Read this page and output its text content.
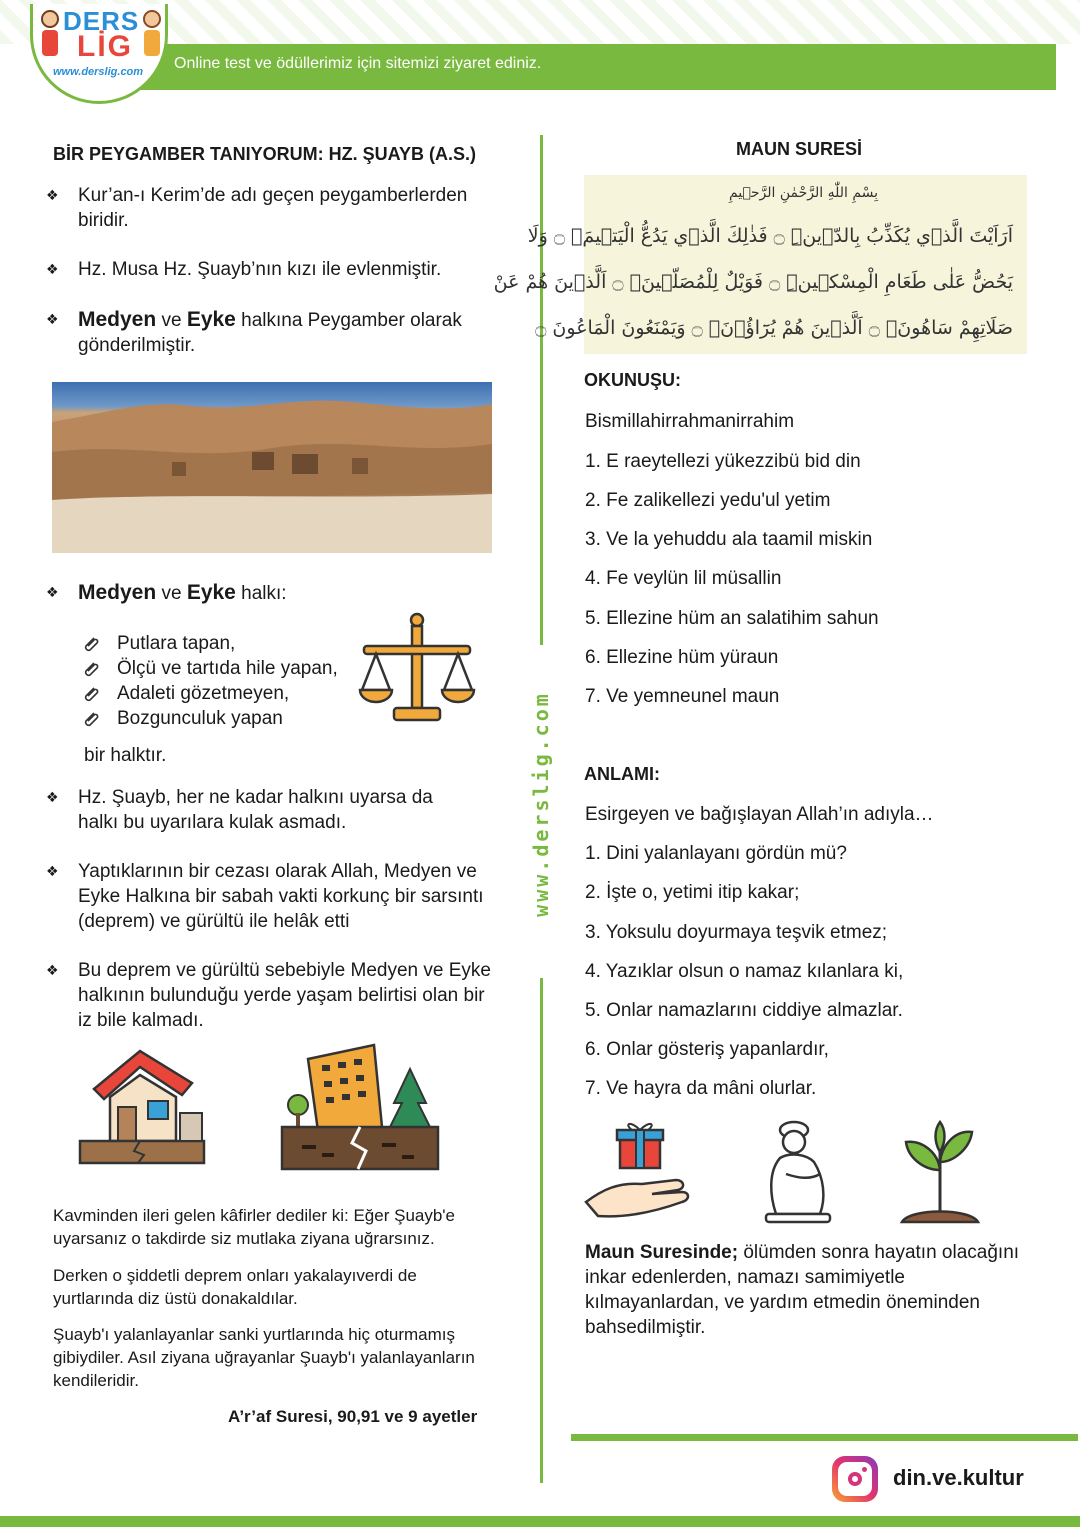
Online test ve ödüllerimiz için sitemizi ziyaret ediniz.
DERS
LİG
www.derslig.com
www.derslig.com
BİR PEYGAMBER TANIYORUM: HZ. ŞUAYB (A.S.)
❖ Kur’an-ı Kerim’de adı geçen peygamberlerden biridir.
❖ Hz. Musa Hz. Şuayb’nın kızı ile evlenmiştir.
❖ Medyen ve Eyke halkına Peygamber olarak gönderilmiştir.
❖ Medyen ve Eyke halkı:
Putlara tapan,
Ölçü ve tartıda hile yapan,
Adaleti gözetmeyen,
Bozgunculuk yapan
bir halktır.
❖ Hz. Şuayb, her ne kadar halkını uyarsa da halkı bu uyarılara kulak asmadı.
❖ Yaptıklarının bir cezası olarak Allah, Medyen ve Eyke Halkına bir sabah vakti korkunç bir sarsıntı (deprem) ve gürültü ile helâk etti
❖ Bu deprem ve gürültü sebebiyle Medyen ve Eyke halkının bulunduğu yerde yaşam belirtisi olan bir iz bile kalmadı.
Kavminden ileri gelen kâfirler dediler ki: Eğer Şuayb'e uyarsanız o takdirde siz mutlaka ziyana uğrarsınız.
Derken o şiddetli deprem onları yakalayıverdi de yurtlarında diz üstü donakaldılar.
Şuayb'ı yalanlayanlar sanki yurtlarında hiç oturmamış gibiydiler. Asıl ziyana uğrayanlar Şuayb'ı yalanlayanların kendileridir.
A’r’af Suresi, 90,91 ve 9 ayetler
MAUN SURESİ
بِسْمِ اللّٰهِ الرَّحْمٰنِ الرَّح۪يمِ
اَرَاَيْتَ الَّذ۪ي يُكَذِّبُ بِالدّ۪ينِۜ ۝ فَذٰلِكَ الَّذ۪ي يَدُعُّ الْيَت۪يمَۙ ۝ وَلَا
يَحُضُّ عَلٰى طَعَامِ الْمِسْك۪ينِۜ ۝ فَوَيْلٌ لِلْمُصَلّ۪ينَۙ ۝ اَلَّذ۪ينَ هُمْ عَنْ
صَلَاتِهِمْ سَاهُونَۙ ۝ اَلَّذ۪ينَ هُمْ يُرَٓاؤُ۫نَۙ ۝ وَيَمْنَعُونَ الْمَاعُونَ ۝
OKUNUŞU:
Bismillahirrahmanirrahim
1. E raeytellezi yükezzibü bid din
2. Fe zalikellezi yedu'ul yetim
3. Ve la yehuddu ala taamil miskin
4. Fe veylün lil müsallin
5. Ellezine hüm an salatihim sahun
6. Ellezine hüm yüraun
7. Ve yemneunel maun
ANLAMI:
Esirgeyen ve bağışlayan Allah’ın adıyla…
1. Dini yalanlayanı gördün mü?
2. İşte o, yetimi itip kakar;
3. Yoksulu doyurmaya teşvik etmez;
4. Yazıklar olsun o namaz kılanlara ki,
5. Onlar namazlarını ciddiye almazlar.
6. Onlar gösteriş yapanlardır,
7. Ve hayra da mâni olurlar.
Maun Suresinde; ölümden sonra hayatın olacağını inkar edenlerden, namazı samimiyetle kılmayanlardan, ve yardım etmedin öneminden bahsedilmiştir.
din.ve.kultur
